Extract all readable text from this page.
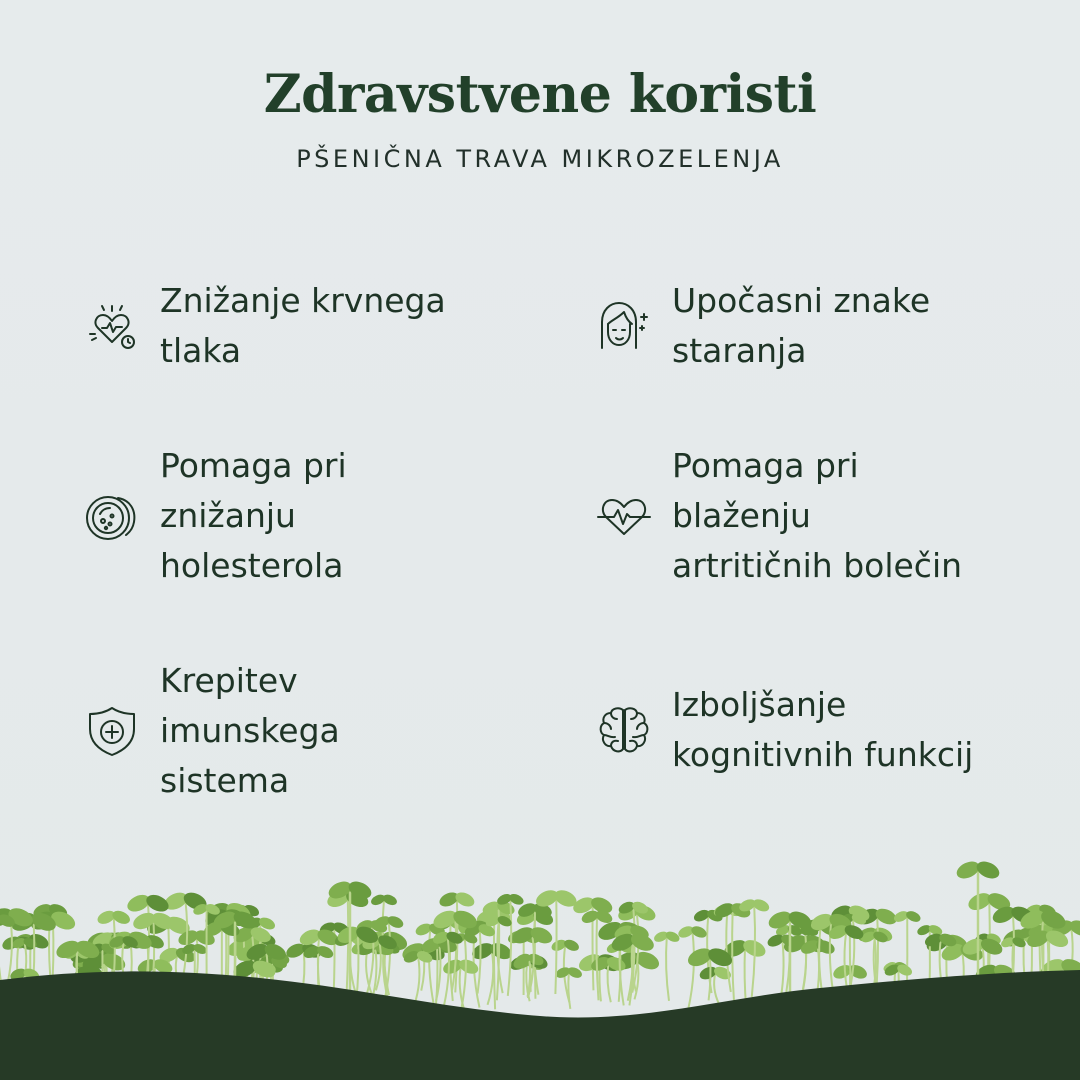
Zdravstvene koristi
PŠENIČNA TRAVA MIKROZELENJA
Znižanje krvnega
tlaka
Upočasni znake
staranja
Pomaga pri
znižanju
holesterola
Pomaga pri
blaženju
artritičnih bolečin
Krepitev
imunskega
sistema
Izboljšanje
kognitivnih funkcij
